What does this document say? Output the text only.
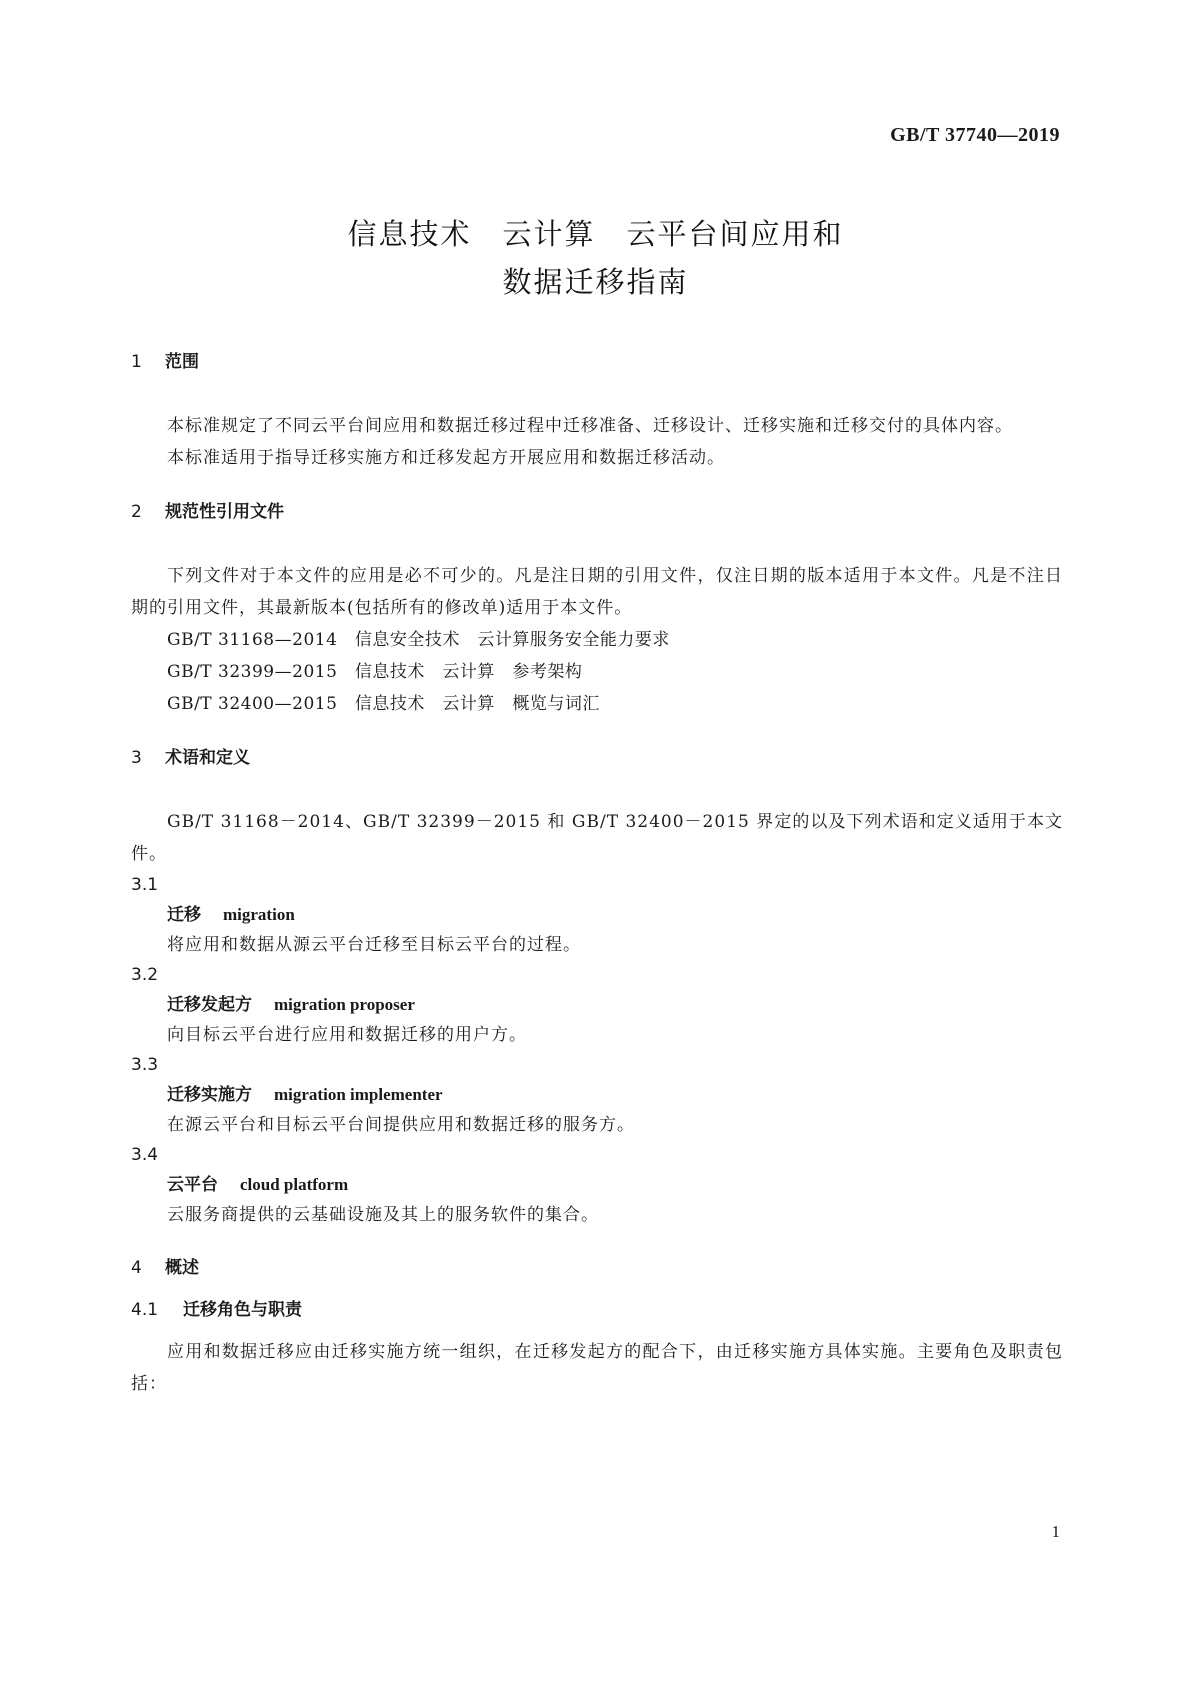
GB/T 37740—2019
信息技术　云计算　云平台间应用和
数据迁移指南
1 范围
本标准规定了不同云平台间应用和数据迁移过程中迁移准备、迁移设计、迁移实施和迁移交付的具体内容。
本标准适用于指导迁移实施方和迁移发起方开展应用和数据迁移活动。
2 规范性引用文件
下列文件对于本文件的应用是必不可少的。凡是注日期的引用文件，仅注日期的版本适用于本文件。凡是不注日期的引用文件，其最新版本(包括所有的修改单)适用于本文件。
GB/T 31168—2014　信息安全技术　云计算服务安全能力要求
GB/T 32399—2015　信息技术　云计算　参考架构
GB/T 32400—2015　信息技术　云计算　概览与词汇
3 术语和定义
GB/T 31168－2014、GB/T 32399－2015 和 GB/T 32400－2015 界定的以及下列术语和定义适用于本文件。
3.1
迁移 migration
将应用和数据从源云平台迁移至目标云平台的过程。
3.2
迁移发起方 migration proposer
向目标云平台进行应用和数据迁移的用户方。
3.3
迁移实施方 migration implementer
在源云平台和目标云平台间提供应用和数据迁移的服务方。
3.4
云平台 cloud platform
云服务商提供的云基础设施及其上的服务软件的集合。
4 概述
4.1 迁移角色与职责
应用和数据迁移应由迁移实施方统一组织，在迁移发起方的配合下，由迁移实施方具体实施。主要角色及职责包括：
1
